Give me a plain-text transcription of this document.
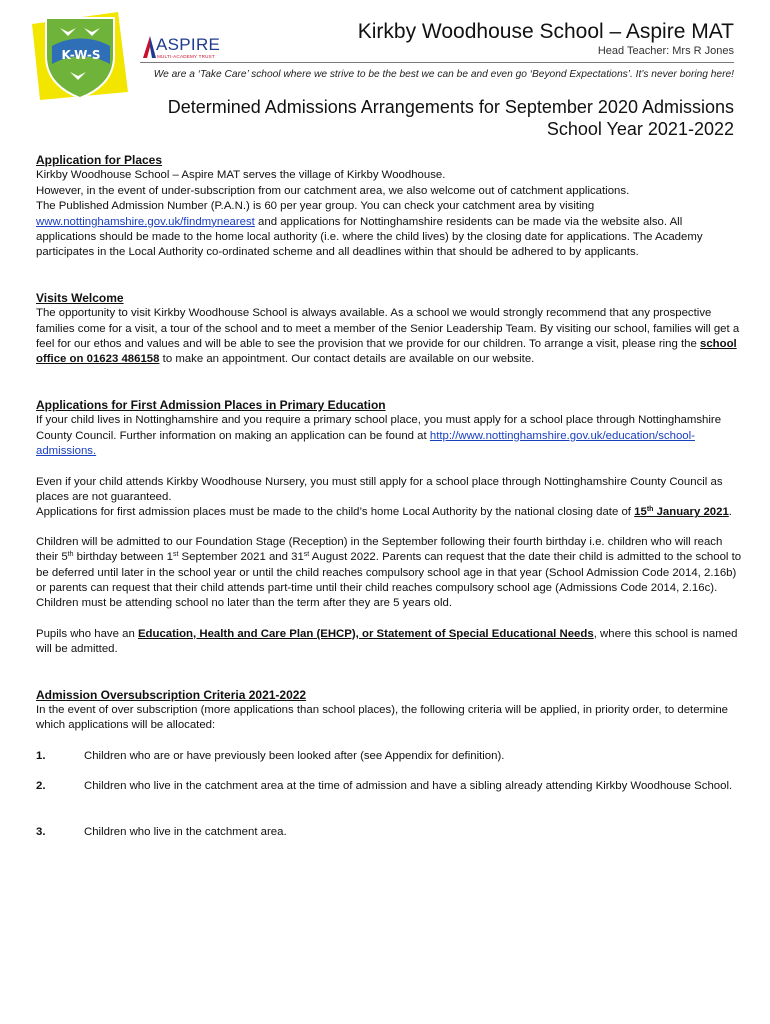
K-W-S
ASPIRE
MULTI-ACADEMY TRUST
Kirkby Woodhouse School – Aspire MAT
Head Teacher: Mrs R Jones
We are a ‘Take Care’ school where we strive to be the best we can be and even go ‘Beyond Expectations’. It’s never boring here!
Determined Admissions Arrangements for September 2020 Admissions
School Year 2021-2022

Application for Places

Kirkby Woodhouse School – Aspire MAT serves the village of Kirkby Woodhouse.

However, in the event of under-subscription from our catchment area, we also welcome out of catchment applications.

The Published Admission Number (P.A.N.) is 60 per year group. You can check your catchment area by visiting www.nottinghamshire.gov.uk/findmynearest and applications for Nottinghamshire residents can be made via the website also. All applications should be made to the home local authority (i.e. where the child lives) by the closing date for applications. The Academy participates in the Local Authority co-ordinated scheme and all deadlines within that should be adhered to by applicants.

Visits Welcome

The opportunity to visit Kirkby Woodhouse School is always available. As a school we would strongly recommend that any prospective families come for a visit, a tour of the school and to meet a member of the Senior Leadership Team. By visiting our school, families will get a feel for our ethos and values and will be able to see the provision that we provide for our children. To arrange a visit, please ring the school office on 01623 486158 to make an appointment. Our contact details are available on our website.

Applications for First Admission Places in Primary Education

If your child lives in Nottinghamshire and you require a primary school place, you must apply for a school place through Nottinghamshire County Council. Further information on making an application can be found at http://www.nottinghamshire.gov.uk/education/school-admissions.

Even if your child attends Kirkby Woodhouse Nursery, you must still apply for a school place through Nottinghamshire County Council as places are not guaranteed.

Applications for first admission places must be made to the child’s home Local Authority by the national closing date of 15th January 2021.

Children will be admitted to our Foundation Stage (Reception) in the September following their fourth birthday i.e. children who will reach their 5th birthday between 1st September 2021 and 31st August 2022. Parents can request that the date their child is admitted to the school to be deferred until later in the school year or until the child reaches compulsory school age in that year (School Admission Code 2014, 2.16b) or parents can request that their child attends part-time until their child reaches compulsory school age (Admissions Code 2014, 2.16c). Children must be attending school no later than the term after they are 5 years old.

Pupils who have an Education, Health and Care Plan (EHCP), or Statement of Special Educational Needs, where this school is named will be admitted.

Admission Oversubscription Criteria 2021-2022

In the event of over subscription (more applications than school places), the following criteria will be applied, in priority order, to determine which applications will be allocated:

1.	Children who are or have previously been looked after (see Appendix for definition).
2.	Children who live in the catchment area at the time of admission and have a sibling already attending Kirkby Woodhouse School.
3.	Children who live in the catchment area.
